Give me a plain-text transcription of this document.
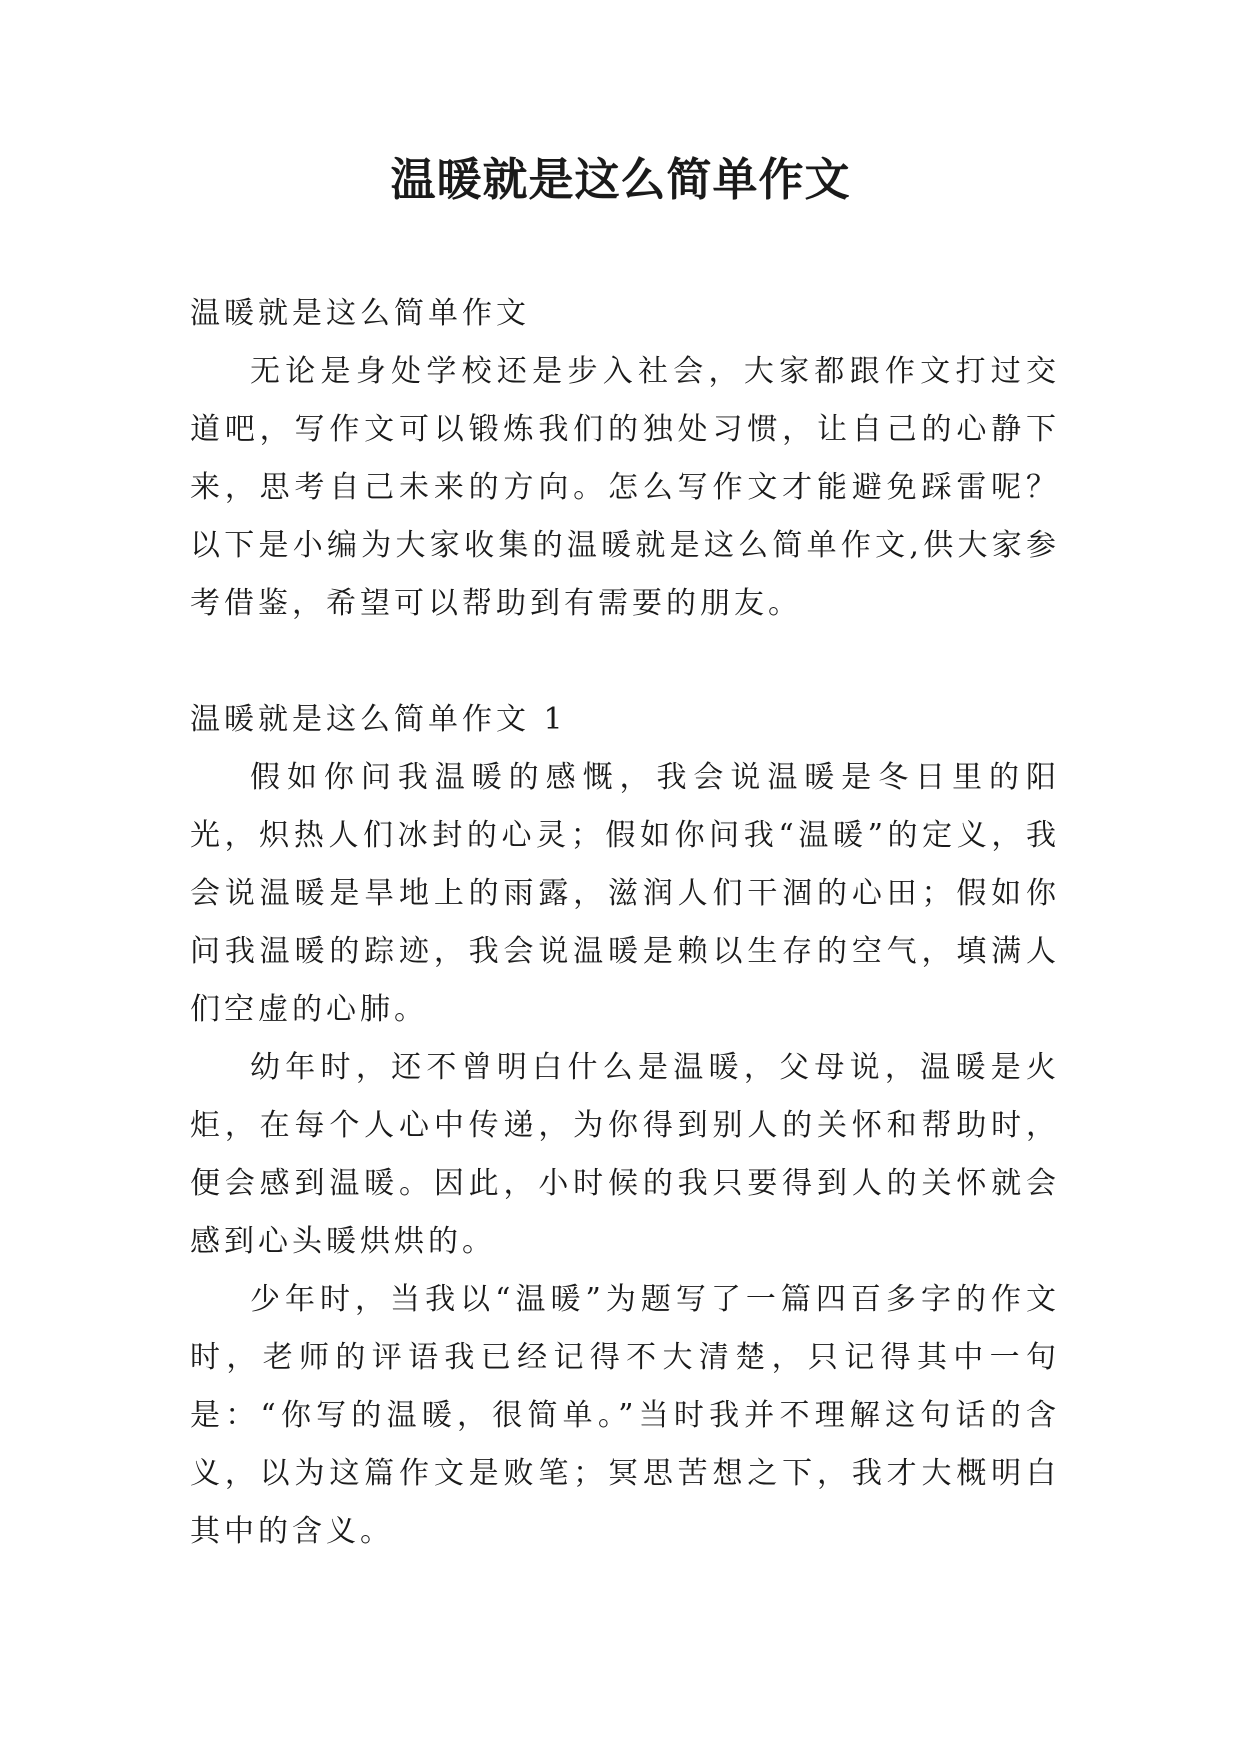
温暖就是这么简单作文

温暖就是这么简单作文

无论是身处学校还是步入社会，大家都跟作文打过交道吧，写作文可以锻炼我们的独处习惯，让自己的心静下来，思考自己未来的方向。怎么写作文才能避免踩雷呢？以下是小编为大家收集的温暖就是这么简单作文,供大家参考借鉴，希望可以帮助到有需要的朋友。

温暖就是这么简单作文 1

假如你问我温暖的感慨，我会说温暖是冬日里的阳光，炽热人们冰封的心灵；假如你问我“温暖”的定义，我会说温暖是旱地上的雨露，滋润人们干涸的心田；假如你问我温暖的踪迹，我会说温暖是赖以生存的空气，填满人们空虚的心肺。

幼年时，还不曾明白什么是温暖，父母说，温暖是火炬，在每个人心中传递，为你得到别人的关怀和帮助时，便会感到温暖。因此，小时候的我只要得到人的关怀就会感到心头暖烘烘的。

少年时，当我以“温暖”为题写了一篇四百多字的作文时，老师的评语我已经记得不大清楚，只记得其中一句是：“你写的温暖，很简单。”当时我并不理解这句话的含义，以为这篇作文是败笔；冥思苦想之下，我才大概明白其中的含义。
